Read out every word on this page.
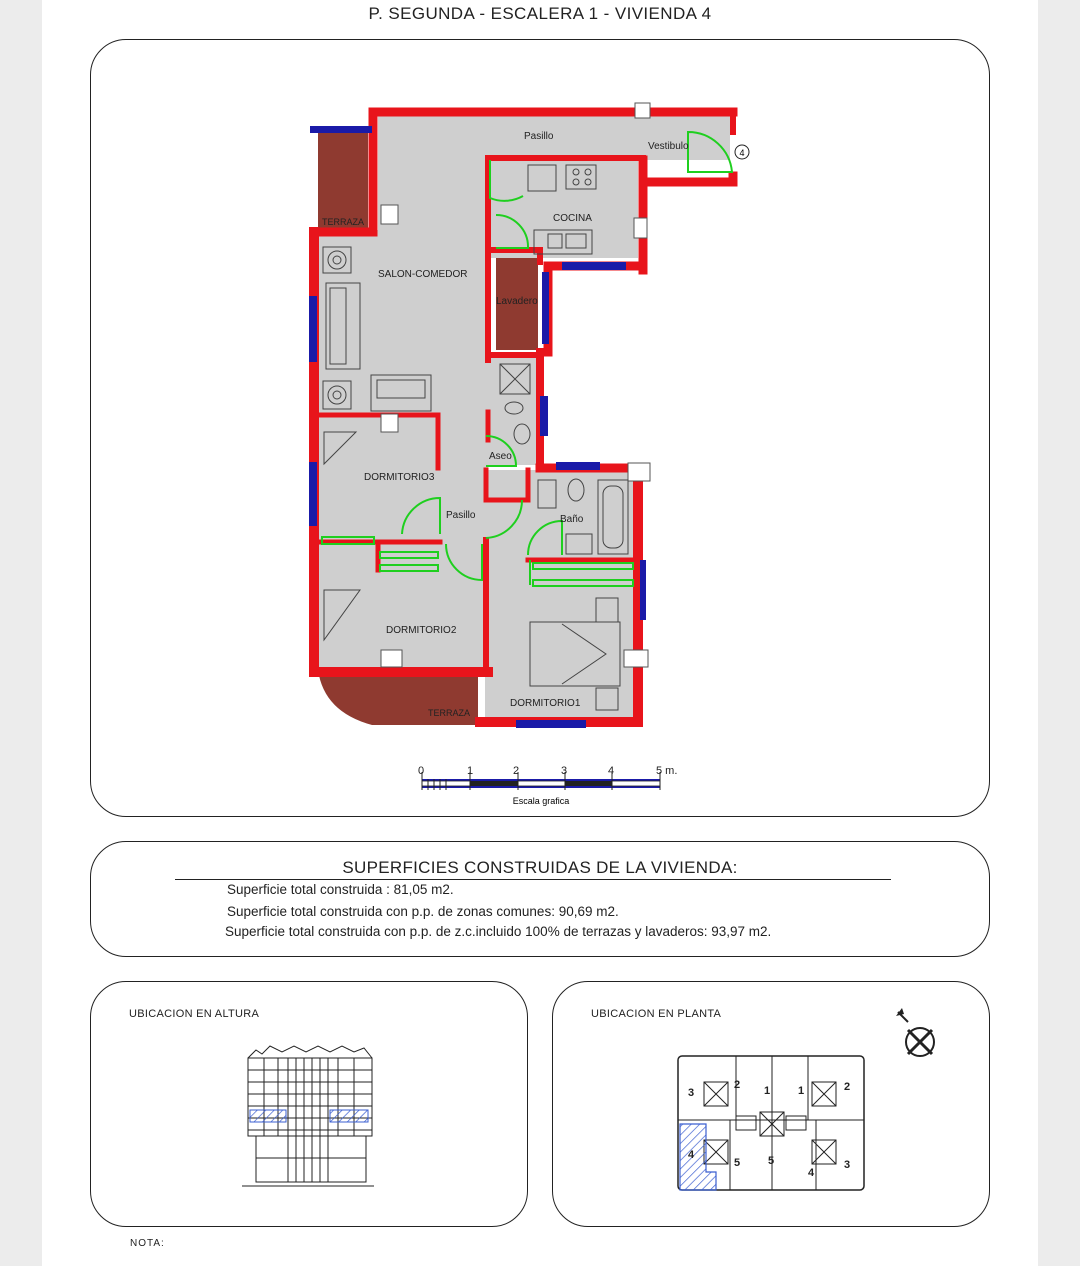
P. SEGUNDA - ESCALERA 1 - VIVIENDA 4
Pasillo
Vestibulo
TERRAZA	COCINA
SALON-COMEDOR
Lavadero
Aseo
DORMITORIO3
Pasillo	Baño
DORMITORIO2
DORMITORIO1
TERRAZA
4
0	1	2	3	4	5 m.
Escala grafica
SUPERFICIES CONSTRUIDAS DE LA VIVIENDA:
Superficie total construida : 81,05 m2.
Superficie total construida con p.p. de zonas comunes: 90,69 m2.
Superficie total construida con p.p. de z.c.incluido 100% de terrazas y lavaderos: 93,97 m2.
UBICACION EN ALTURA	UBICACION EN PLANTA
3
2 1	1	2
4
5	5
4
3
NOTA:
